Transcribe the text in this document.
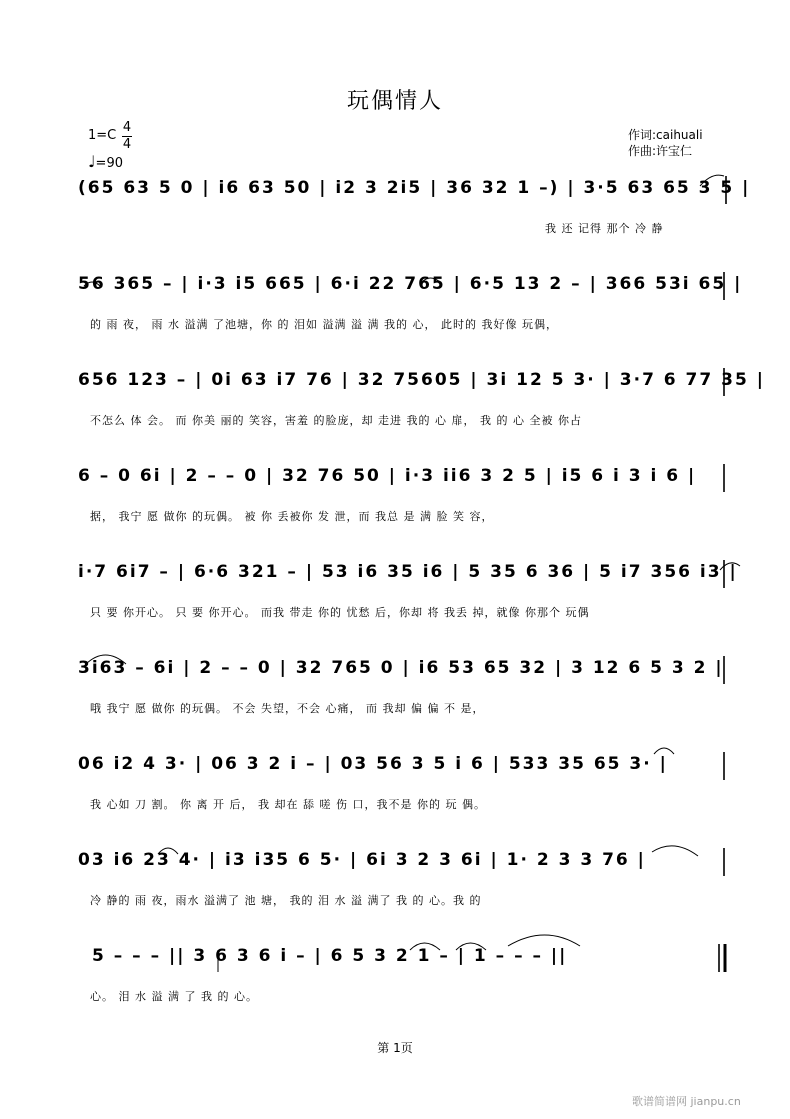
玩偶情人
1=C
4
4
♩=90
作词:caihuali
作曲:许宝仁
(65 63 5 0 | i6 63 50 | i2 3 2i5 | 36 32 1 –) | 3·5 63 65 3 5 |
我 还 记得 那个 冷 静
56 365 – | i·3 i5 665 | 6·i 22 765 | 6·5 13 2 – | 366 53i 65 |
的 雨 夜， 雨 水 溢满 了池塘，你 的 泪如 溢满 溢 满 我的 心， 此时的 我好像 玩偶，
656 123 – | 0i 63 i7 76 | 32 75605 | 3i 12 5 3· | 3·7 6 77 35 |
不怎么 体 会。 而 你美 丽的 笑容，害羞 的脸庞，却 走进 我的 心 扉， 我 的 心 全被 你占
6 – 0 6i | 2 – – 0 | 32 76 50 | i·3 ii6 3 2 5 | i5 6 i 3 i 6 |
据， 我宁 愿 做你 的玩偶。 被 你 丢被你 发 泄，而 我总 是 满 脸 笑 容，
i·7 6i7 – | 6·6 321 – | 53 i6 35 i6 | 5 35 6 36 | 5 i7 356 i3 |
只 要 你开心。 只 要 你开心。 而我 带走 你的 忧愁 后，你却 将 我丢 掉，就像 你那个 玩偶
3i63 – 6i | 2 – – 0 | 32 765 0 | i6 53 65 32 | 3 12 6 5 3 2 |
哦 我宁 愿 做你 的玩偶。 不会 失望，不会 心痛， 而 我却 偏 偏 不 是，
06 i2 4 3· | 06 3 2 i – | 03 56 3 5 i 6 | 533 35 65 3· |
我 心如 刀 割。 你 离 开 后， 我 却在 舔 嗟 伤 口，我不是 你的 玩 偶。
03 i6 23 4· | i3 i35 6 5· | 6i 3 2 3 6i | 1· 2 3 3 76 |
冷 静的 雨 夜，雨水 溢满了 池 塘， 我的 泪 水 溢 满了 我 的 心。我 的
5 – – – || 3 6 3 6 i – | 6 5 3 2 1 – | 1 – – – ||
心。 泪 水 溢 满 了 我 的 心。
第 1页
歌谱简谱网 jianpu.cn
